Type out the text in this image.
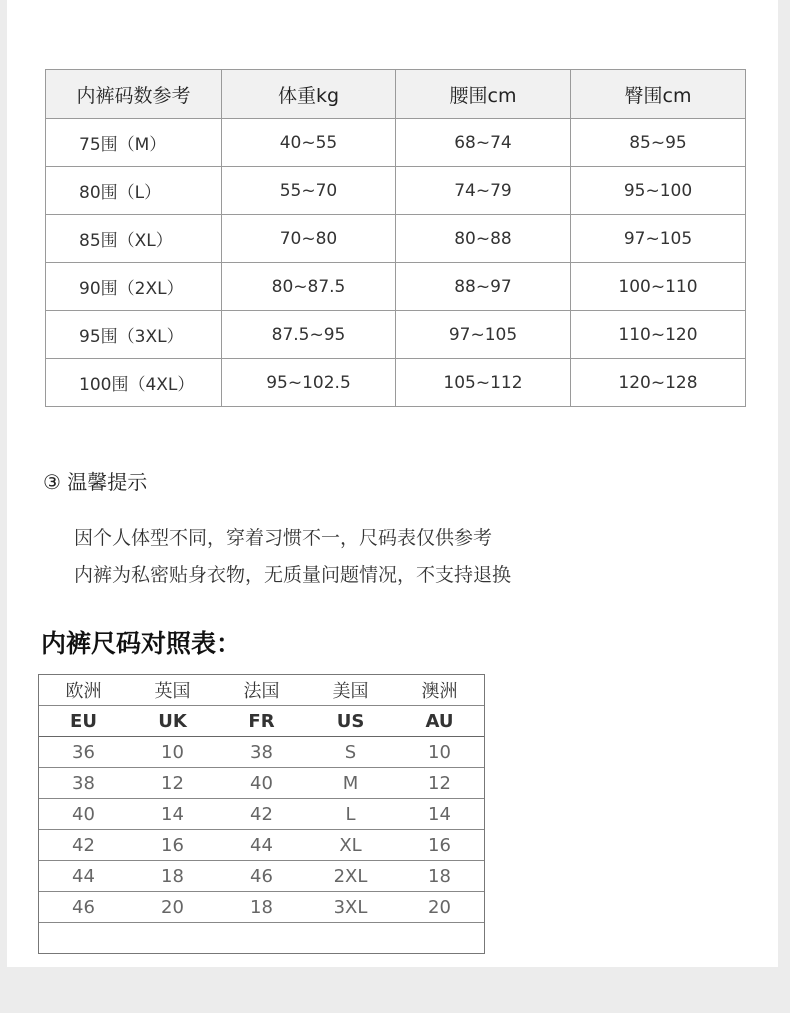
内裤码数参考	体重kg	腰围cm	臀围cm
75围（M）	40~55	68~74	85~95
80围（L）	55~70	74~79	95~100
85围（XL）	70~80	80~88	97~105
90围（2XL）	80~87.5	88~97	100~110
95围（3XL）	87.5~95	97~105	110~120
100围（4XL）	95~102.5	105~112	120~128
③ 温馨提示
因个人体型不同，穿着习惯不一，尺码表仅供参考
内裤为私密贴身衣物，无质量问题情况，不支持退换
内裤尺码对照表：
欧洲	英国	法国	美国	澳洲
EU	UK	FR	US	AU
36	10	38	S	10
38	12	40	M	12
40	14	42	L	14
42	16	44	XL	16
44	18	46	2XL	18
46	20	18	3XL	20
